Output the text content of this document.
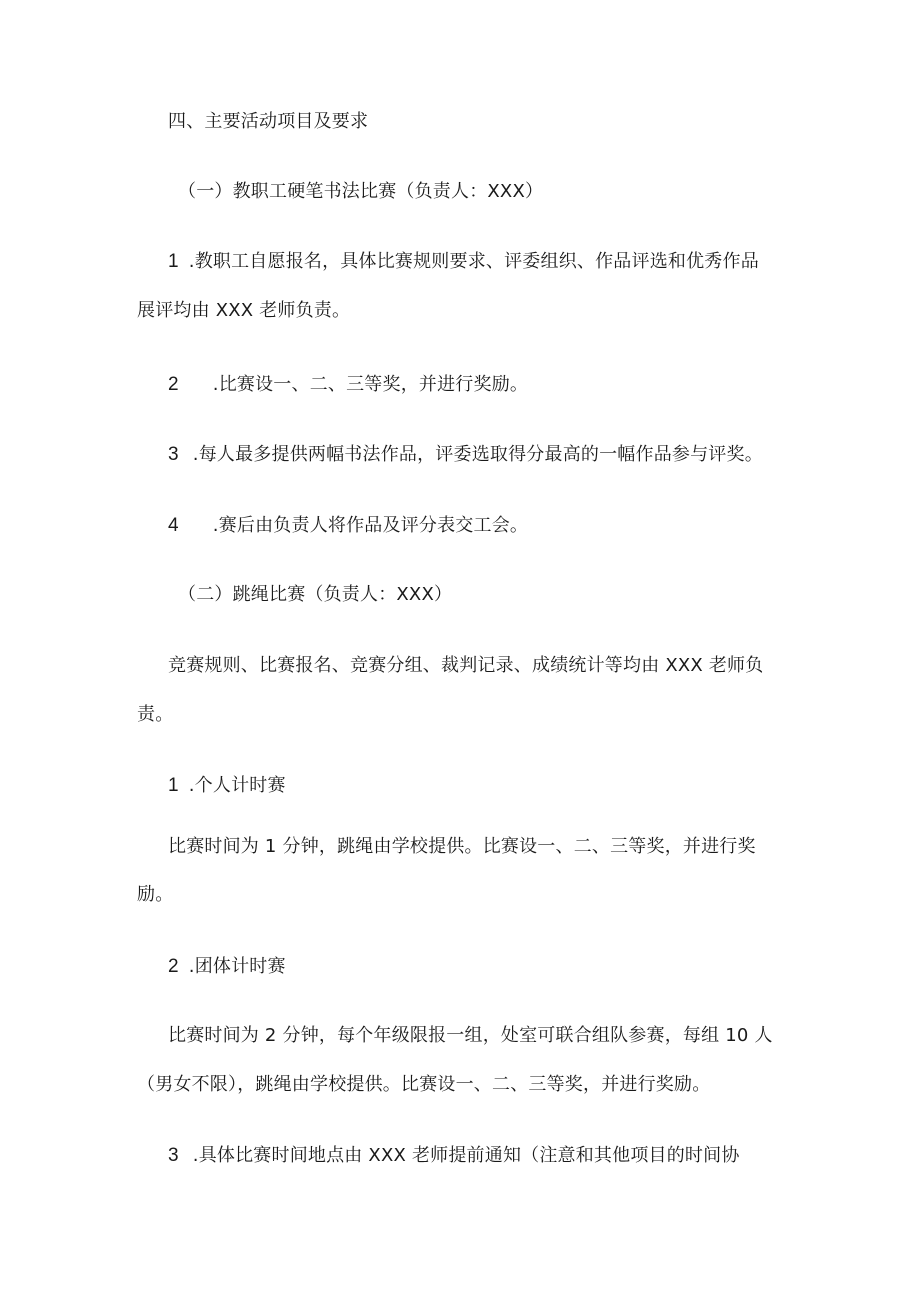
四、主要活动项目及要求
（一）教职工硬笔书法比赛（负责人：XXX）
1 .教职工自愿报名，具体比赛规则要求、评委组织、作品评选和优秀作品
展评均由 XXX 老师负责。
2 .比赛设一、二、三等奖，并进行奖励。
3 .每人最多提供两幅书法作品，评委选取得分最高的一幅作品参与评奖。
4 .赛后由负责人将作品及评分表交工会。
（二）跳绳比赛（负责人：XXX）
竞赛规则、比赛报名、竞赛分组、裁判记录、成绩统计等均由 XXX 老师负
责。
1 .个人计时赛
比赛时间为 1 分钟，跳绳由学校提供。比赛设一、二、三等奖，并进行奖
励。
2 .团体计时赛
比赛时间为 2 分钟，每个年级限报一组，处室可联合组队参赛，每组 10 人
（男女不限），跳绳由学校提供。比赛设一、二、三等奖，并进行奖励。
3 .具体比赛时间地点由 XXX 老师提前通知（注意和其他项目的时间协
